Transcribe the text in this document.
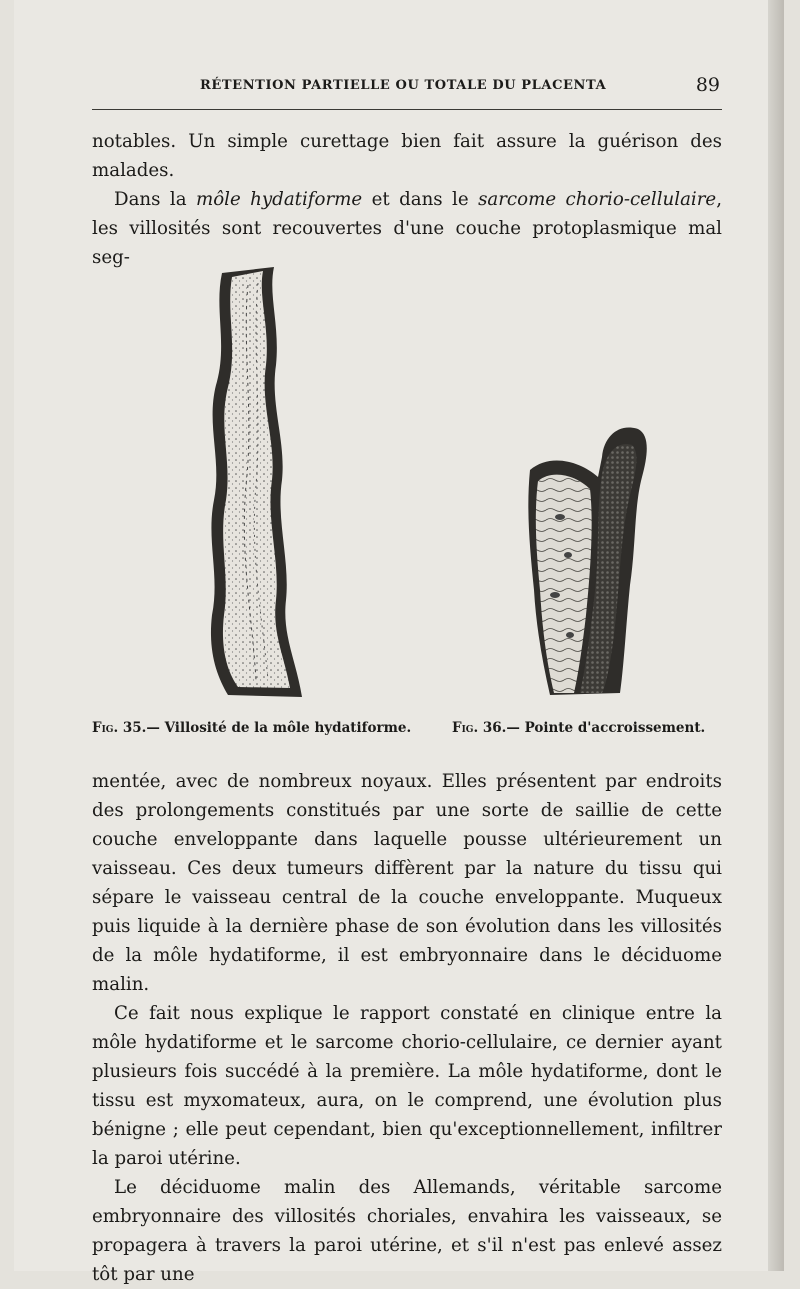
RÉTENTION PARTIELLE OU TOTALE DU PLACENTA	89

notables. Un simple curettage bien fait assure la guérison des malades.

Dans la môle hydatiforme et dans le sarcome chorio-cellulaire, les villosités sont recouvertes d'une couche protoplasmique mal seg-

Fig. 35.— Villosité de la môle hydatiforme.	Fig. 36.— Pointe d'accroissement.

mentée, avec de nombreux noyaux. Elles présentent par endroits des prolongements constitués par une sorte de saillie de cette couche enveloppante dans laquelle pousse ultérieurement un vaisseau. Ces deux tumeurs diffèrent par la nature du tissu qui sépare le vaisseau central de la couche enveloppante. Muqueux puis liquide à la dernière phase de son évolution dans les villosités de la môle hydatiforme, il est embryonnaire dans le déciduome malin.

Ce fait nous explique le rapport constaté en clinique entre la môle hydatiforme et le sarcome chorio-cellulaire, ce dernier ayant plusieurs fois succédé à la première. La môle hydatiforme, dont le tissu est myxomateux, aura, on le comprend, une évolution plus bénigne ; elle peut cependant, bien qu'exceptionnellement, infiltrer la paroi utérine.

Le déciduome malin des Allemands, véritable sarcome embryonnaire des villosités choriales, envahira les vaisseaux, se propagera à travers la paroi utérine, et s'il n'est pas enlevé assez tôt par une
